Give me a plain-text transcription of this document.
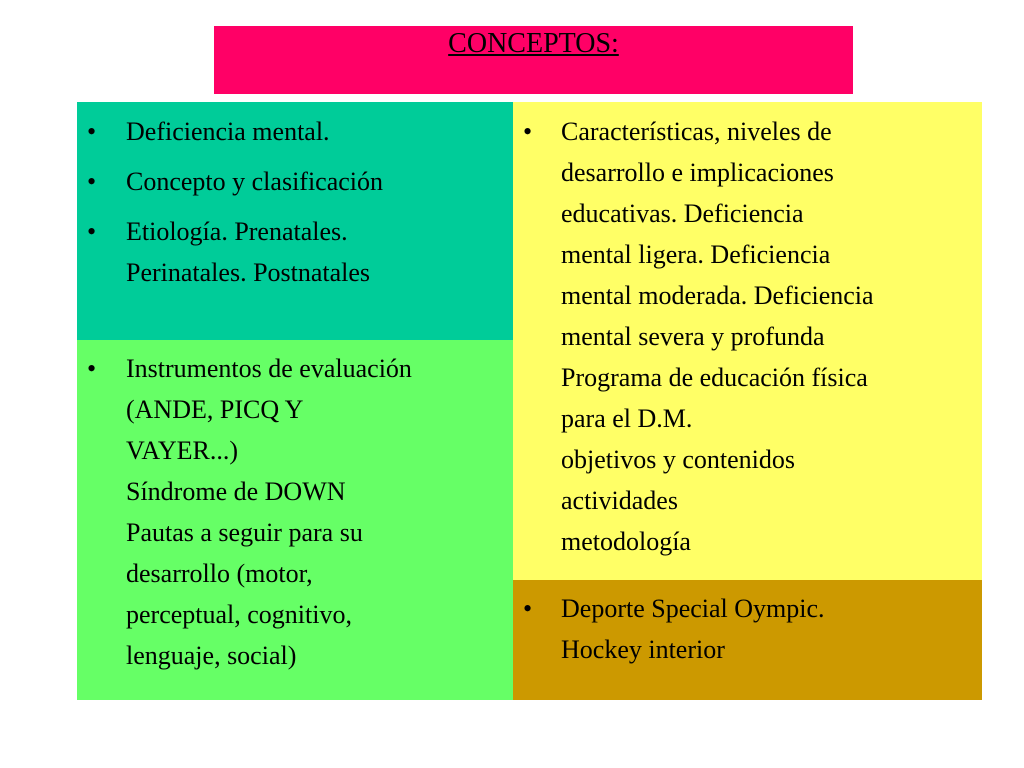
CONCEPTOS:
• Deficiencia mental.
• Concepto y clasificación
• Etiología. Prenatales.
Perinatales. Postnatales
• Instrumentos de evaluación
(ANDE, PICQ Y
VAYER...)
Síndrome de DOWN
Pautas a seguir para su
desarrollo (motor,
perceptual, cognitivo,
lenguaje, social)
• Características, niveles de
desarrollo e implicaciones
educativas. Deficiencia
mental ligera. Deficiencia
mental moderada. Deficiencia
mental severa y profunda
Programa de educación física
para el D.M.
objetivos y contenidos
actividades
metodología
• Deporte Special Oympic.
Hockey interior
